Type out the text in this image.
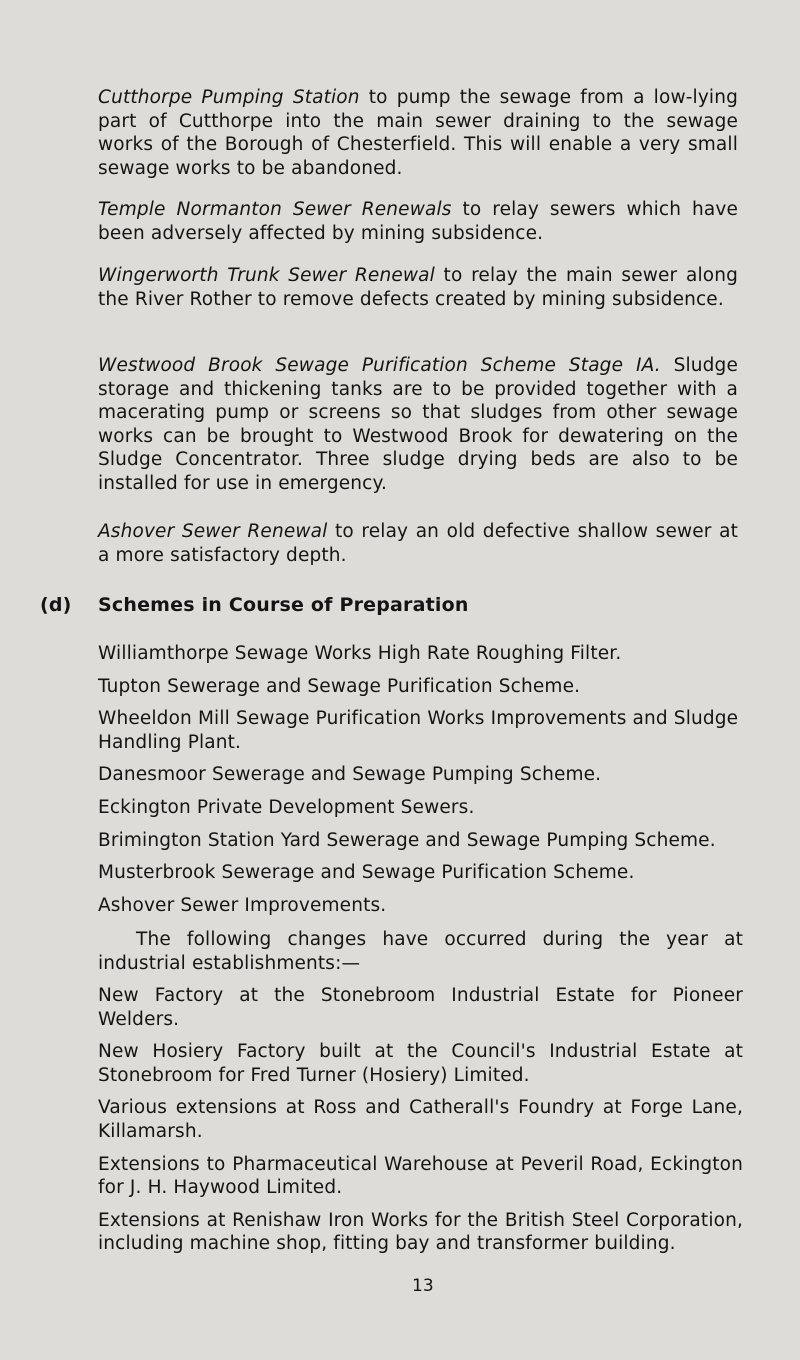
Cutthorpe Pumping Station to pump the sewage from a low-lying part of Cutthorpe into the main sewer draining to the sewage works of the Borough of Chesterfield. This will enable a very small sewage works to be abandoned.

Temple Normanton Sewer Renewals to relay sewers which have been adversely affected by mining subsidence.

Wingerworth Trunk Sewer Renewal to relay the main sewer along the River Rother to remove defects created by mining subsidence.

Westwood Brook Sewage Purification Scheme Stage IA. Sludge storage and thickening tanks are to be provided together with a macerating pump or screens so that sludges from other sewage works can be brought to Westwood Brook for dewatering on the Sludge Concentrator. Three sludge drying beds are also to be installed for use in emergency.

Ashover Sewer Renewal to relay an old defective shallow sewer at a more satisfactory depth.

(d) Schemes in Course of Preparation
Williamthorpe Sewage Works High Rate Roughing Filter.
Tupton Sewerage and Sewage Purification Scheme.
Wheeldon Mill Sewage Purification Works Improvements and Sludge Handling Plant.
Danesmoor Sewerage and Sewage Pumping Scheme.
Eckington Private Development Sewers.
Brimington Station Yard Sewerage and Sewage Pumping Scheme.
Musterbrook Sewerage and Sewage Purification Scheme.
Ashover Sewer Improvements.

The following changes have occurred during the year at industrial establishments:—

New Factory at the Stonebroom Industrial Estate for Pioneer Welders.
New Hosiery Factory built at the Council's Industrial Estate at Stonebroom for Fred Turner (Hosiery) Limited.
Various extensions at Ross and Catherall's Foundry at Forge Lane, Killamarsh.
Extensions to Pharmaceutical Warehouse at Peveril Road, Eckington for J. H. Haywood Limited.
Extensions at Renishaw Iron Works for the British Steel Corporation, including machine shop, fitting bay and transformer building.
13
